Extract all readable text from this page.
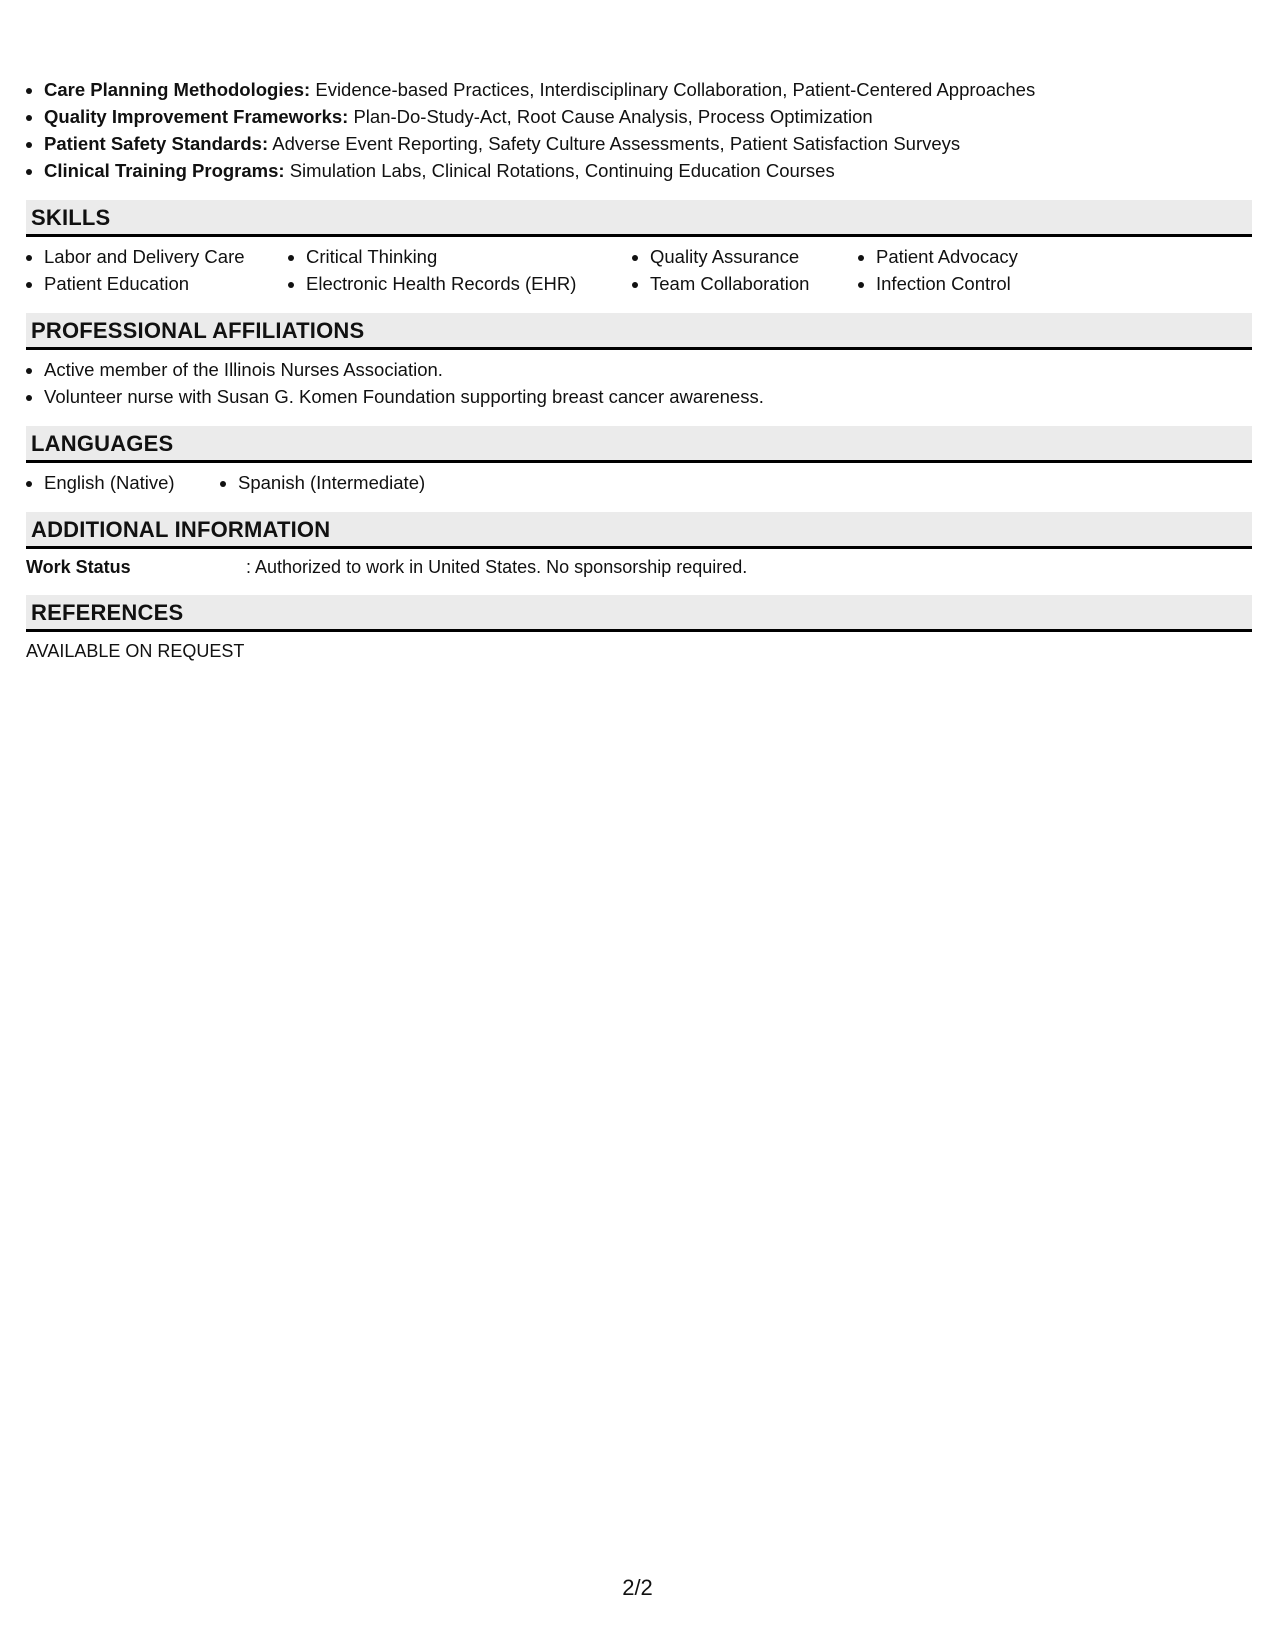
• Care Planning Methodologies: Evidence-based Practices, Interdisciplinary Collaboration, Patient-Centered Approaches
• Quality Improvement Frameworks: Plan-Do-Study-Act, Root Cause Analysis, Process Optimization
• Patient Safety Standards: Adverse Event Reporting, Safety Culture Assessments, Patient Satisfaction Surveys
• Clinical Training Programs: Simulation Labs, Clinical Rotations, Continuing Education Courses
SKILLS
• Labor and Delivery Care
• Patient Education
• Critical Thinking
• Electronic Health Records (EHR)
• Quality Assurance
• Team Collaboration
• Patient Advocacy
• Infection Control
PROFESSIONAL AFFILIATIONS
• Active member of the Illinois Nurses Association.
• Volunteer nurse with Susan G. Komen Foundation supporting breast cancer awareness.
LANGUAGES
• English (Native)
•	Spanish (Intermediate)
ADDITIONAL INFORMATION
Work Status	: Authorized to work in United States. No sponsorship required.
REFERENCES
AVAILABLE ON REQUEST
2/2
